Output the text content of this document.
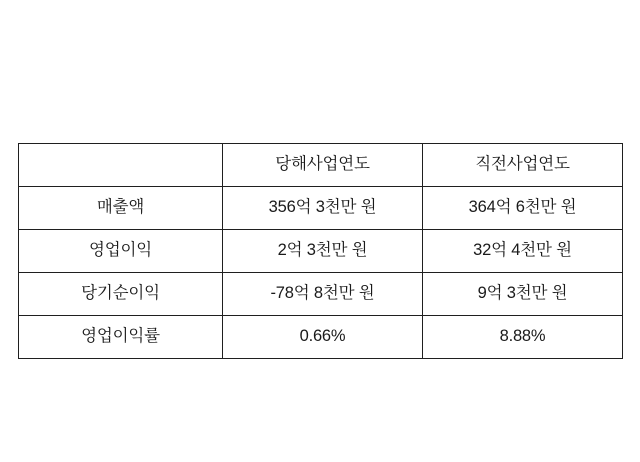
	당해사업연도	직전사업연도
매출액	356억 3천만 원	364억 6천만 원
영업이익	2억 3천만 원	32억 4천만 원
당기순이익	-78억 8천만 원	9억 3천만 원
영업이익률	0.66%	8.88%
